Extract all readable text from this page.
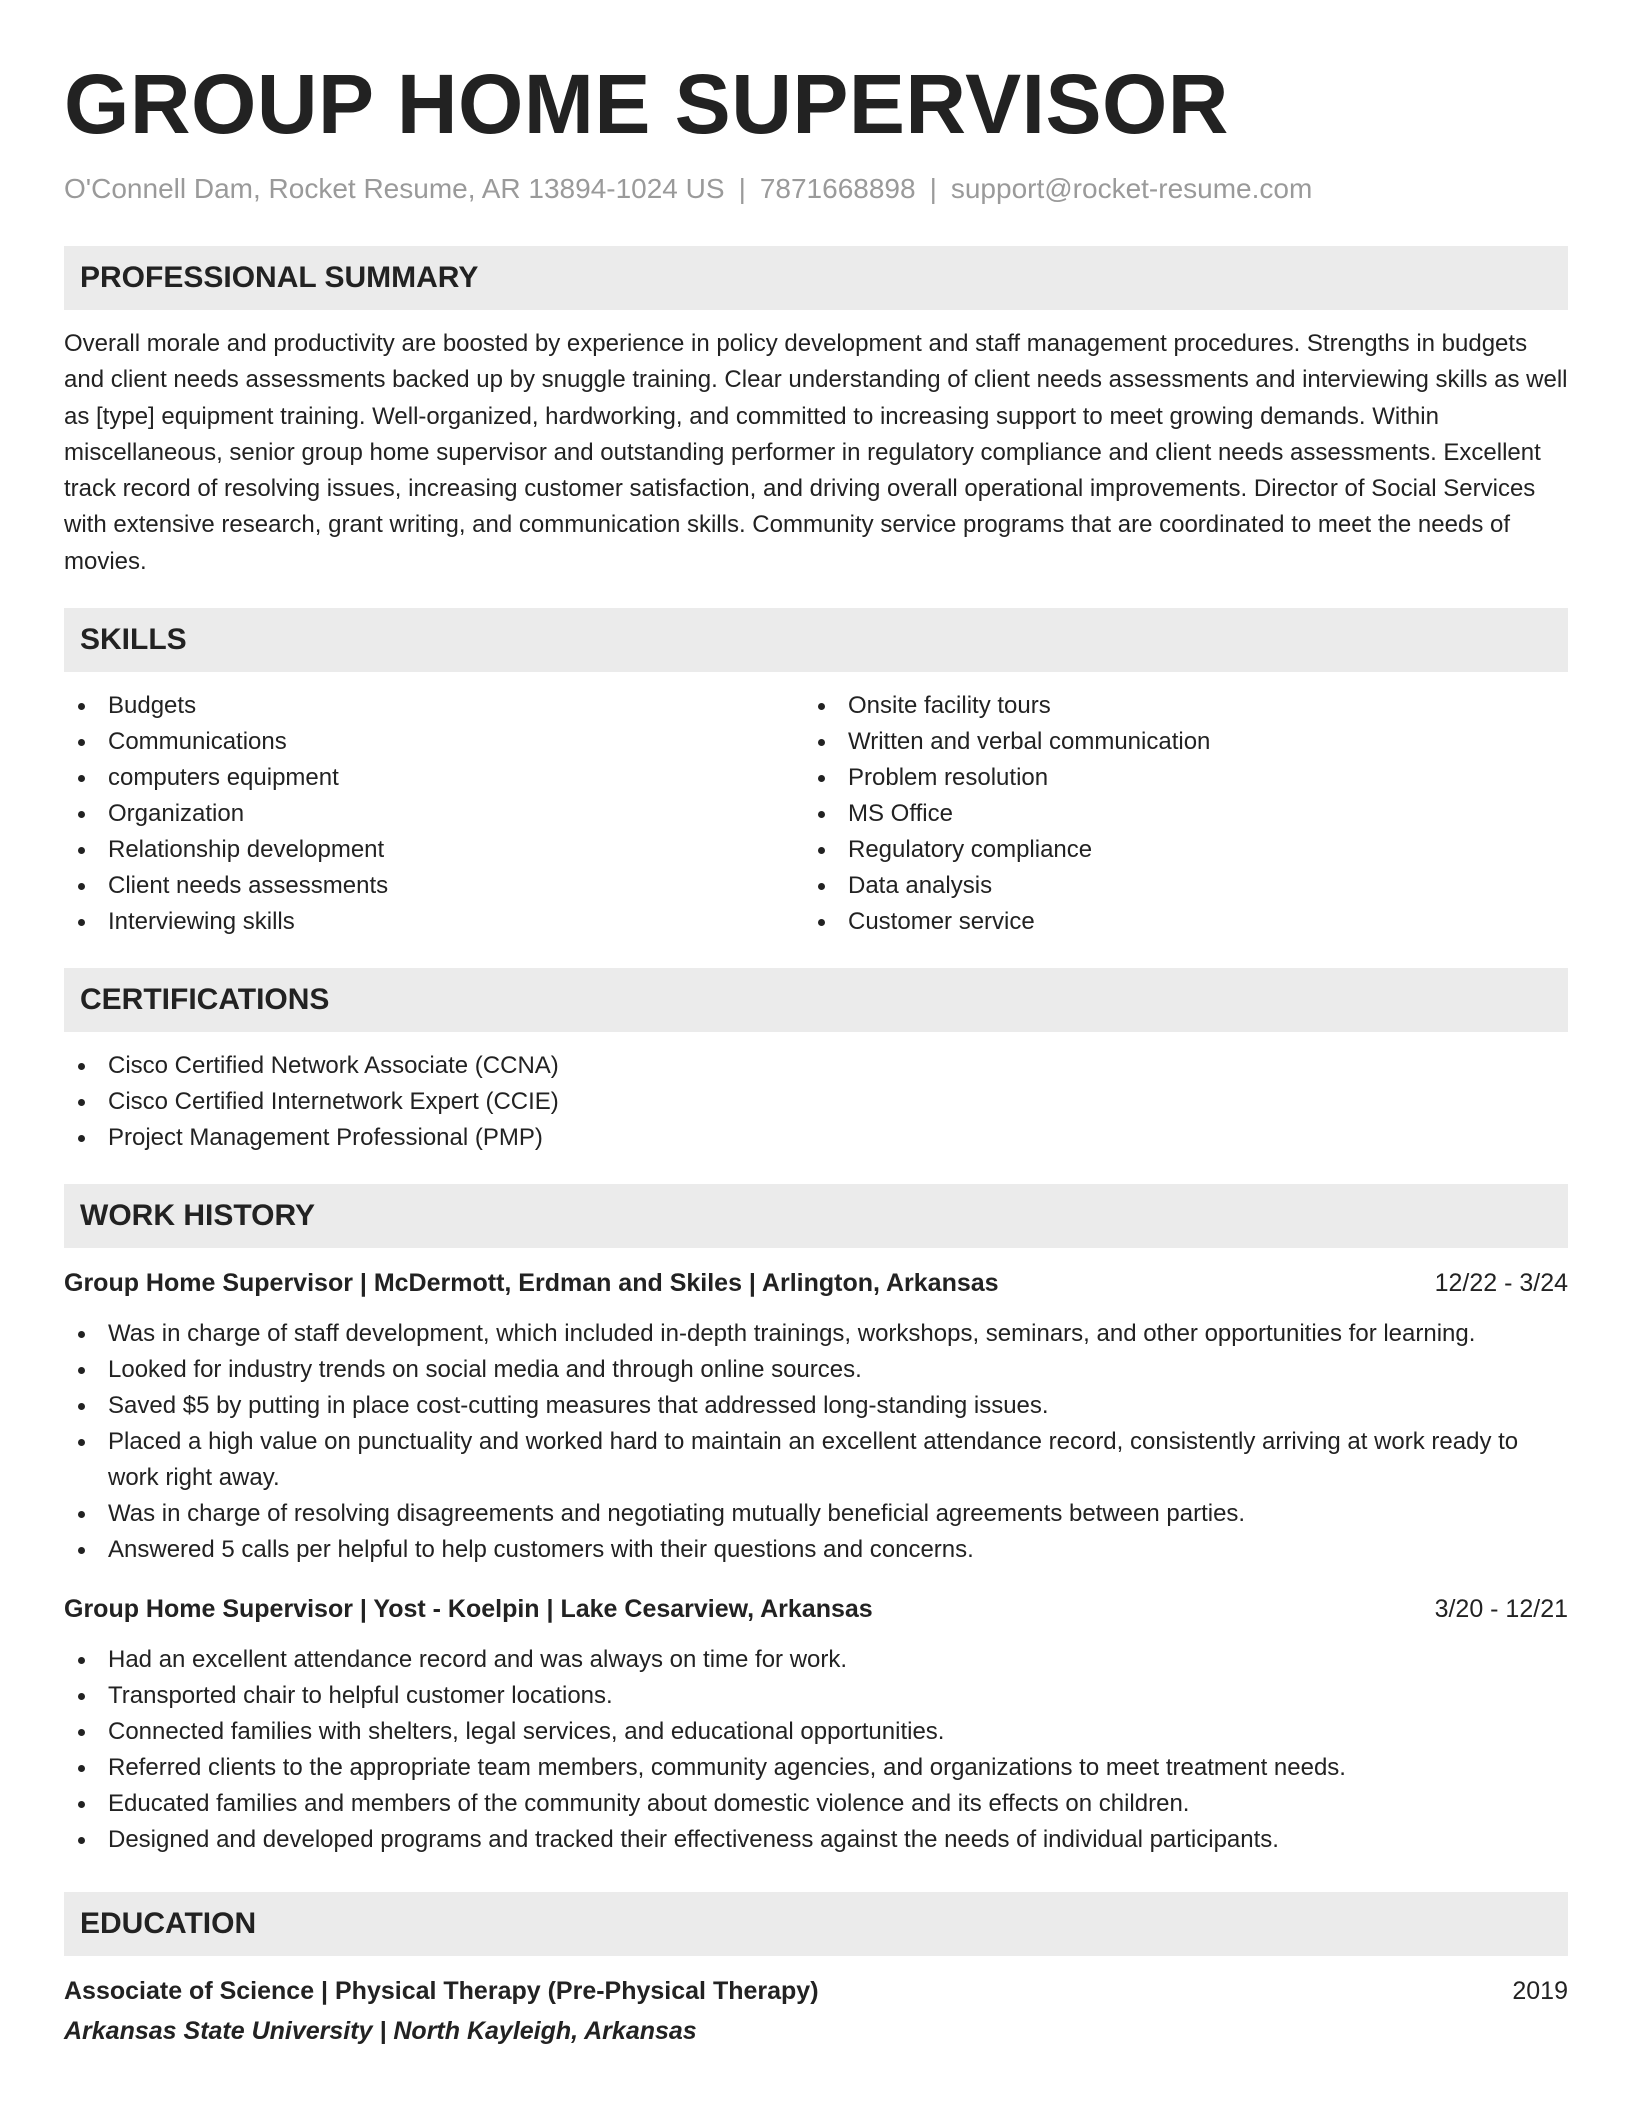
GROUP HOME SUPERVISOR
O'Connell Dam, Rocket Resume, AR 13894-1024 US | 7871668898 | support@rocket-resume.com
PROFESSIONAL SUMMARY

Overall morale and productivity are boosted by experience in policy development and staff management procedures. Strengths in budgets and client needs assessments backed up by snuggle training. Clear understanding of client needs assessments and interviewing skills as well as [type] equipment training. Well-organized, hardworking, and committed to increasing support to meet growing demands. Within miscellaneous, senior group home supervisor and outstanding performer in regulatory compliance and client needs assessments. Excellent track record of resolving issues, increasing customer satisfaction, and driving overall operational improvements. Director of Social Services with extensive research, grant writing, and communication skills. Community service programs that are coordinated to meet the needs of movies.

SKILLS
Budgets
Communications
computers equipment
Organization
Relationship development
Client needs assessments
Interviewing skills
Onsite facility tours
Written and verbal communication
Problem resolution
MS Office
Regulatory compliance
Data analysis
Customer service
CERTIFICATIONS
Cisco Certified Network Associate (CCNA)
Cisco Certified Internetwork Expert (CCIE)
Project Management Professional (PMP)
WORK HISTORY
Group Home Supervisor | McDermott, Erdman and Skiles | Arlington, Arkansas	12/22 - 3/24
Was in charge of staff development, which included in-depth trainings, workshops, seminars, and other opportunities for learning.
Looked for industry trends on social media and through online sources.
Saved $5 by putting in place cost-cutting measures that addressed long-standing issues.
Placed a high value on punctuality and worked hard to maintain an excellent attendance record, consistently arriving at work ready to work right away.
Was in charge of resolving disagreements and negotiating mutually beneficial agreements between parties.
Answered 5 calls per helpful to help customers with their questions and concerns.
Group Home Supervisor | Yost - Koelpin | Lake Cesarview, Arkansas	3/20 - 12/21
Had an excellent attendance record and was always on time for work.
Transported chair to helpful customer locations.
Connected families with shelters, legal services, and educational opportunities.
Referred clients to the appropriate team members, community agencies, and organizations to meet treatment needs.
Educated families and members of the community about domestic violence and its effects on children.
Designed and developed programs and tracked their effectiveness against the needs of individual participants.
EDUCATION
Associate of Science | Physical Therapy (Pre-Physical Therapy)	2019
Arkansas State University | North Kayleigh, Arkansas
